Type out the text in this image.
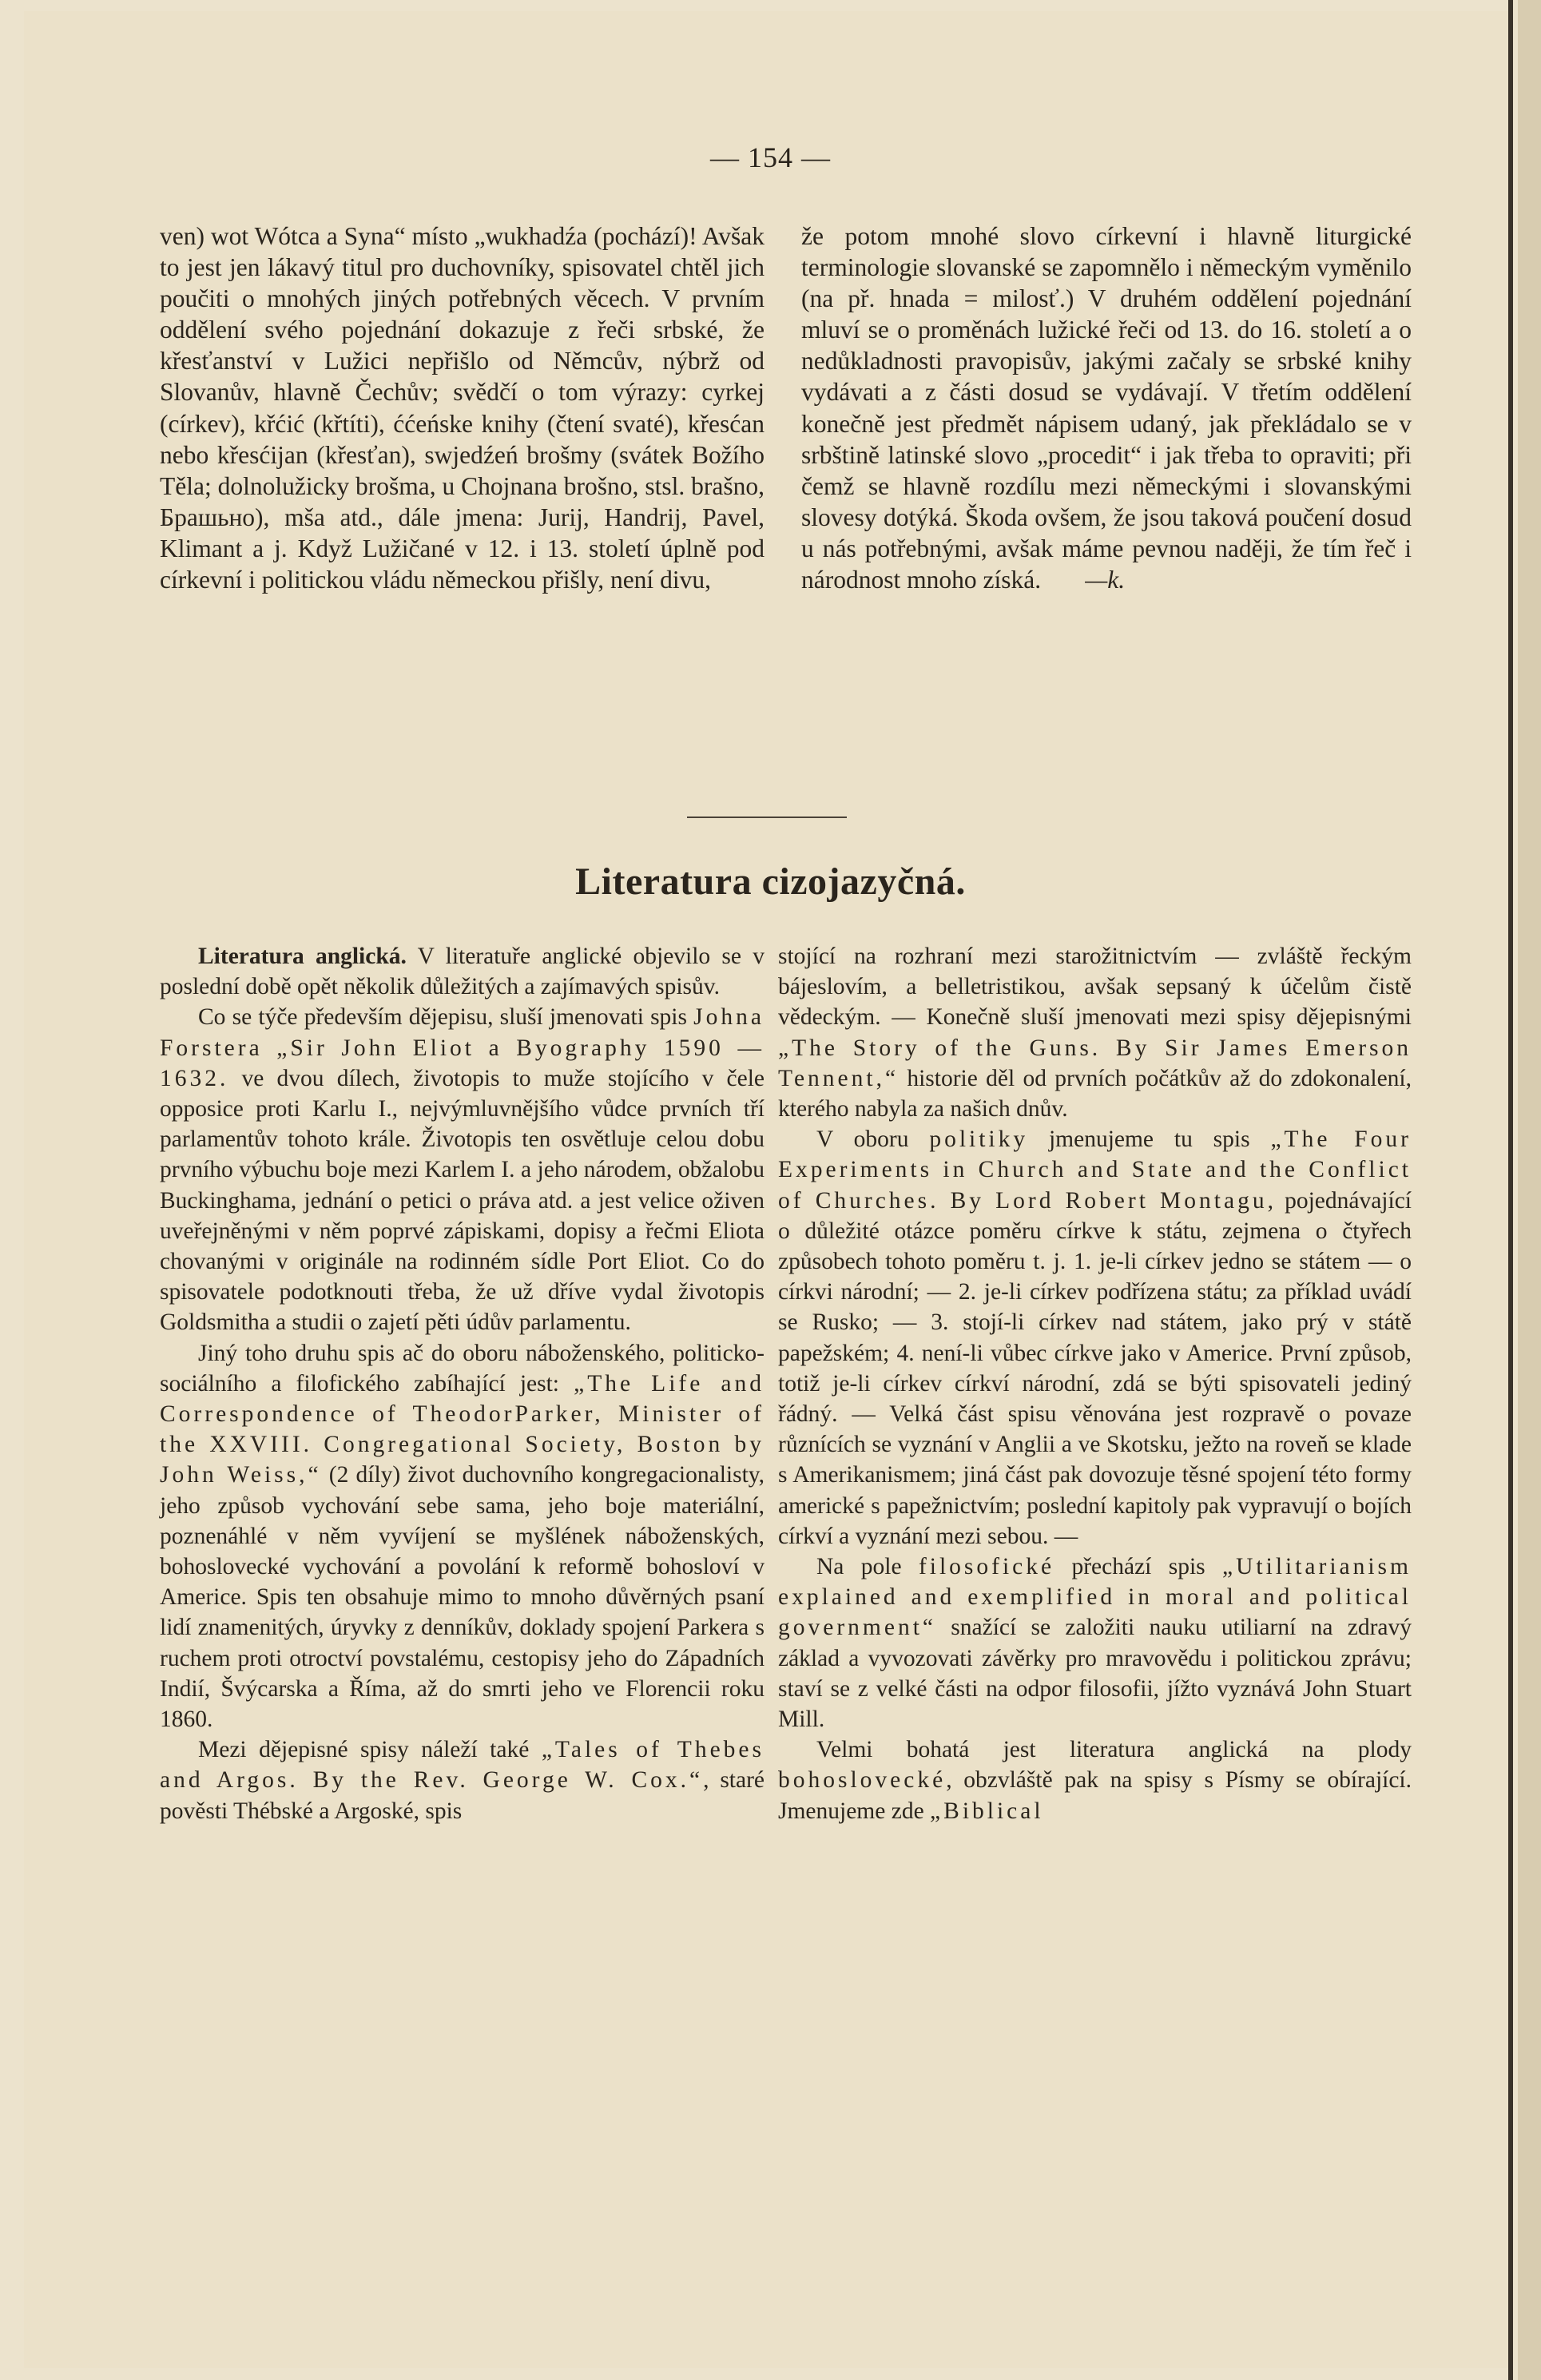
— 154 —

ven) wot Wótca a Syna“ místo „wukhadźa (pochází)! Avšak to jest jen lákavý titul pro duchovníky, spisovatel chtěl jich poučiti o mnohých jiných potřebných věcech. V prvním oddělení svého pojednání dokazuje z řeči srbské, že křesťanství v Lužici nepřišlo od Němcův, nýbrž od Slovanův, hlavně Čechův; svědčí o tom výrazy: cyrkej (církev), křćić (křtíti), ććeńske knihy (čtení svaté), křesćan nebo křesćijan (křesťan), swjedźeń brošmy (svátek Božího Těla; dolnolužicky brošma, u Chojnana brošno, stsl. brašno, Брашьно), mša atd., dále jmena: Jurij, Handrij, Pavel, Klimant a j. Když Lužičané v 12. i 13. století úplně pod církevní i politickou vládu německou přišly, není divu,

že potom mnohé slovo církevní i hlavně liturgické terminologie slovanské se zapomnělo i německým vyměnilo (na př. hnada = milosť.) V druhém oddělení pojednání mluví se o proměnách lužické řeči od 13. do 16. století a o nedůkladnosti pravopisův, jakými začaly se srbské knihy vydávati a z části dosud se vydávají. V třetím oddělení konečně jest předmět nápisem udaný, jak překládalo se v srbštině latinské slovo „procedit“ i jak třeba to opraviti; při čemž se hlavně rozdílu mezi německými i slovanskými slovesy dotýká. Škoda ovšem, že jsou taková poučení dosud u nás potřebnými, avšak máme pevnou naději, že tím řeč i národnost mnoho získá. —k.

Literatura cizojazyčná.

Literatura anglická. V literatuře anglické objevilo se v poslední době opět několik důležitých a zajímavých spisův.

Co se týče především dějepisu, sluší jmenovati spis Johna Forstera „Sir John Eliot a Byography 1590 — 1632. ve dvou dílech, životopis to muže stojícího v čele opposice proti Karlu I., nejvýmluvnějšího vůdce prvních tří parlamentův tohoto krále. Životopis ten osvětluje celou dobu prvního výbuchu boje mezi Karlem I. a jeho národem, obžalobu Buckinghama, jednání o petici o práva atd. a jest velice oživen uveřejněnými v něm poprvé zápiskami, dopisy a řečmi Eliota chovanými v originále na rodinném sídle Port Eliot. Co do spisovatele podotknouti třeba, že už dříve vydal životopis Goldsmitha a studii o zajetí pěti údův parlamentu.

Jiný toho druhu spis ač do oboru náboženského, politicko-sociálního a filofického zabíhající jest: „The Life and Correspondence of TheodorParker, Minister of the XXVIII. Congregational Society, Boston by John Weiss,“ (2 díly) život duchovního kongregacionalisty, jeho způsob vychování sebe sama, jeho boje materiální, poznenáhlé v něm vyvíjení se myšlének náboženských, bohoslovecké vychování a povolání k reformě bohosloví v Americe. Spis ten obsahuje mimo to mnoho důvěrných psaní lidí znamenitých, úryvky z denníkův, doklady spojení Parkera s ruchem proti otroctví povstalému, cestopisy jeho do Západních Indií, Švýcarska a Říma, až do smrti jeho ve Florencii roku 1860.

Mezi dějepisné spisy náleží také „Tales of Thebes and Argos. By the Rev. George W. Cox.“, staré pověsti Thébské a Argoské, spis

stojící na rozhraní mezi starožitnictvím — zvláště řeckým bájeslovím, a belletristikou, avšak sepsaný k účelům čistě vědeckým. — Konečně sluší jmenovati mezi spisy dějepisnými „The Story of the Guns. By Sir James Emerson Tennent,“ historie děl od prvních počátkův až do zdokonalení, kterého nabyla za našich dnův.

V oboru politiky jmenujeme tu spis „The Four Experiments in Church and State and the Conflict of Churches. By Lord Robert Montagu, pojednávající o důležité otázce poměru církve k státu, zejmena o čtyřech způsobech tohoto poměru t. j. 1. je-li církev jedno se státem — o církvi národní; — 2. je-li církev podřízena státu; za příklad uvádí se Rusko; — 3. stojí-li církev nad státem, jako prý v státě papežském; 4. není-li vůbec církve jako v Americe. První způsob, totiž je-li církev církví národní, zdá se býti spisovateli jediný řádný. — Velká část spisu věnována jest rozpravě o povaze různících se vyznání v Anglii a ve Skotsku, ježto na roveň se klade s Amerikanismem; jiná část pak dovozuje těsné spojení této formy americké s papežnictvím; poslední kapitoly pak vypravují o bojích církví a vyznání mezi sebou. —

Na pole filosofické přechází spis „Utilitarianism explained and exemplified in moral and political government“ snažící se založiti nauku utiliarní na zdravý základ a vyvozovati závěrky pro mravovědu i politickou zprávu; staví se z velké části na odpor filosofii, jížto vyznává John Stuart Mill.

Velmi bohatá jest literatura anglická na plody bohoslovecké, obzvláště pak na spisy s Písmy se obírající. Jmenujeme zde „Biblical
